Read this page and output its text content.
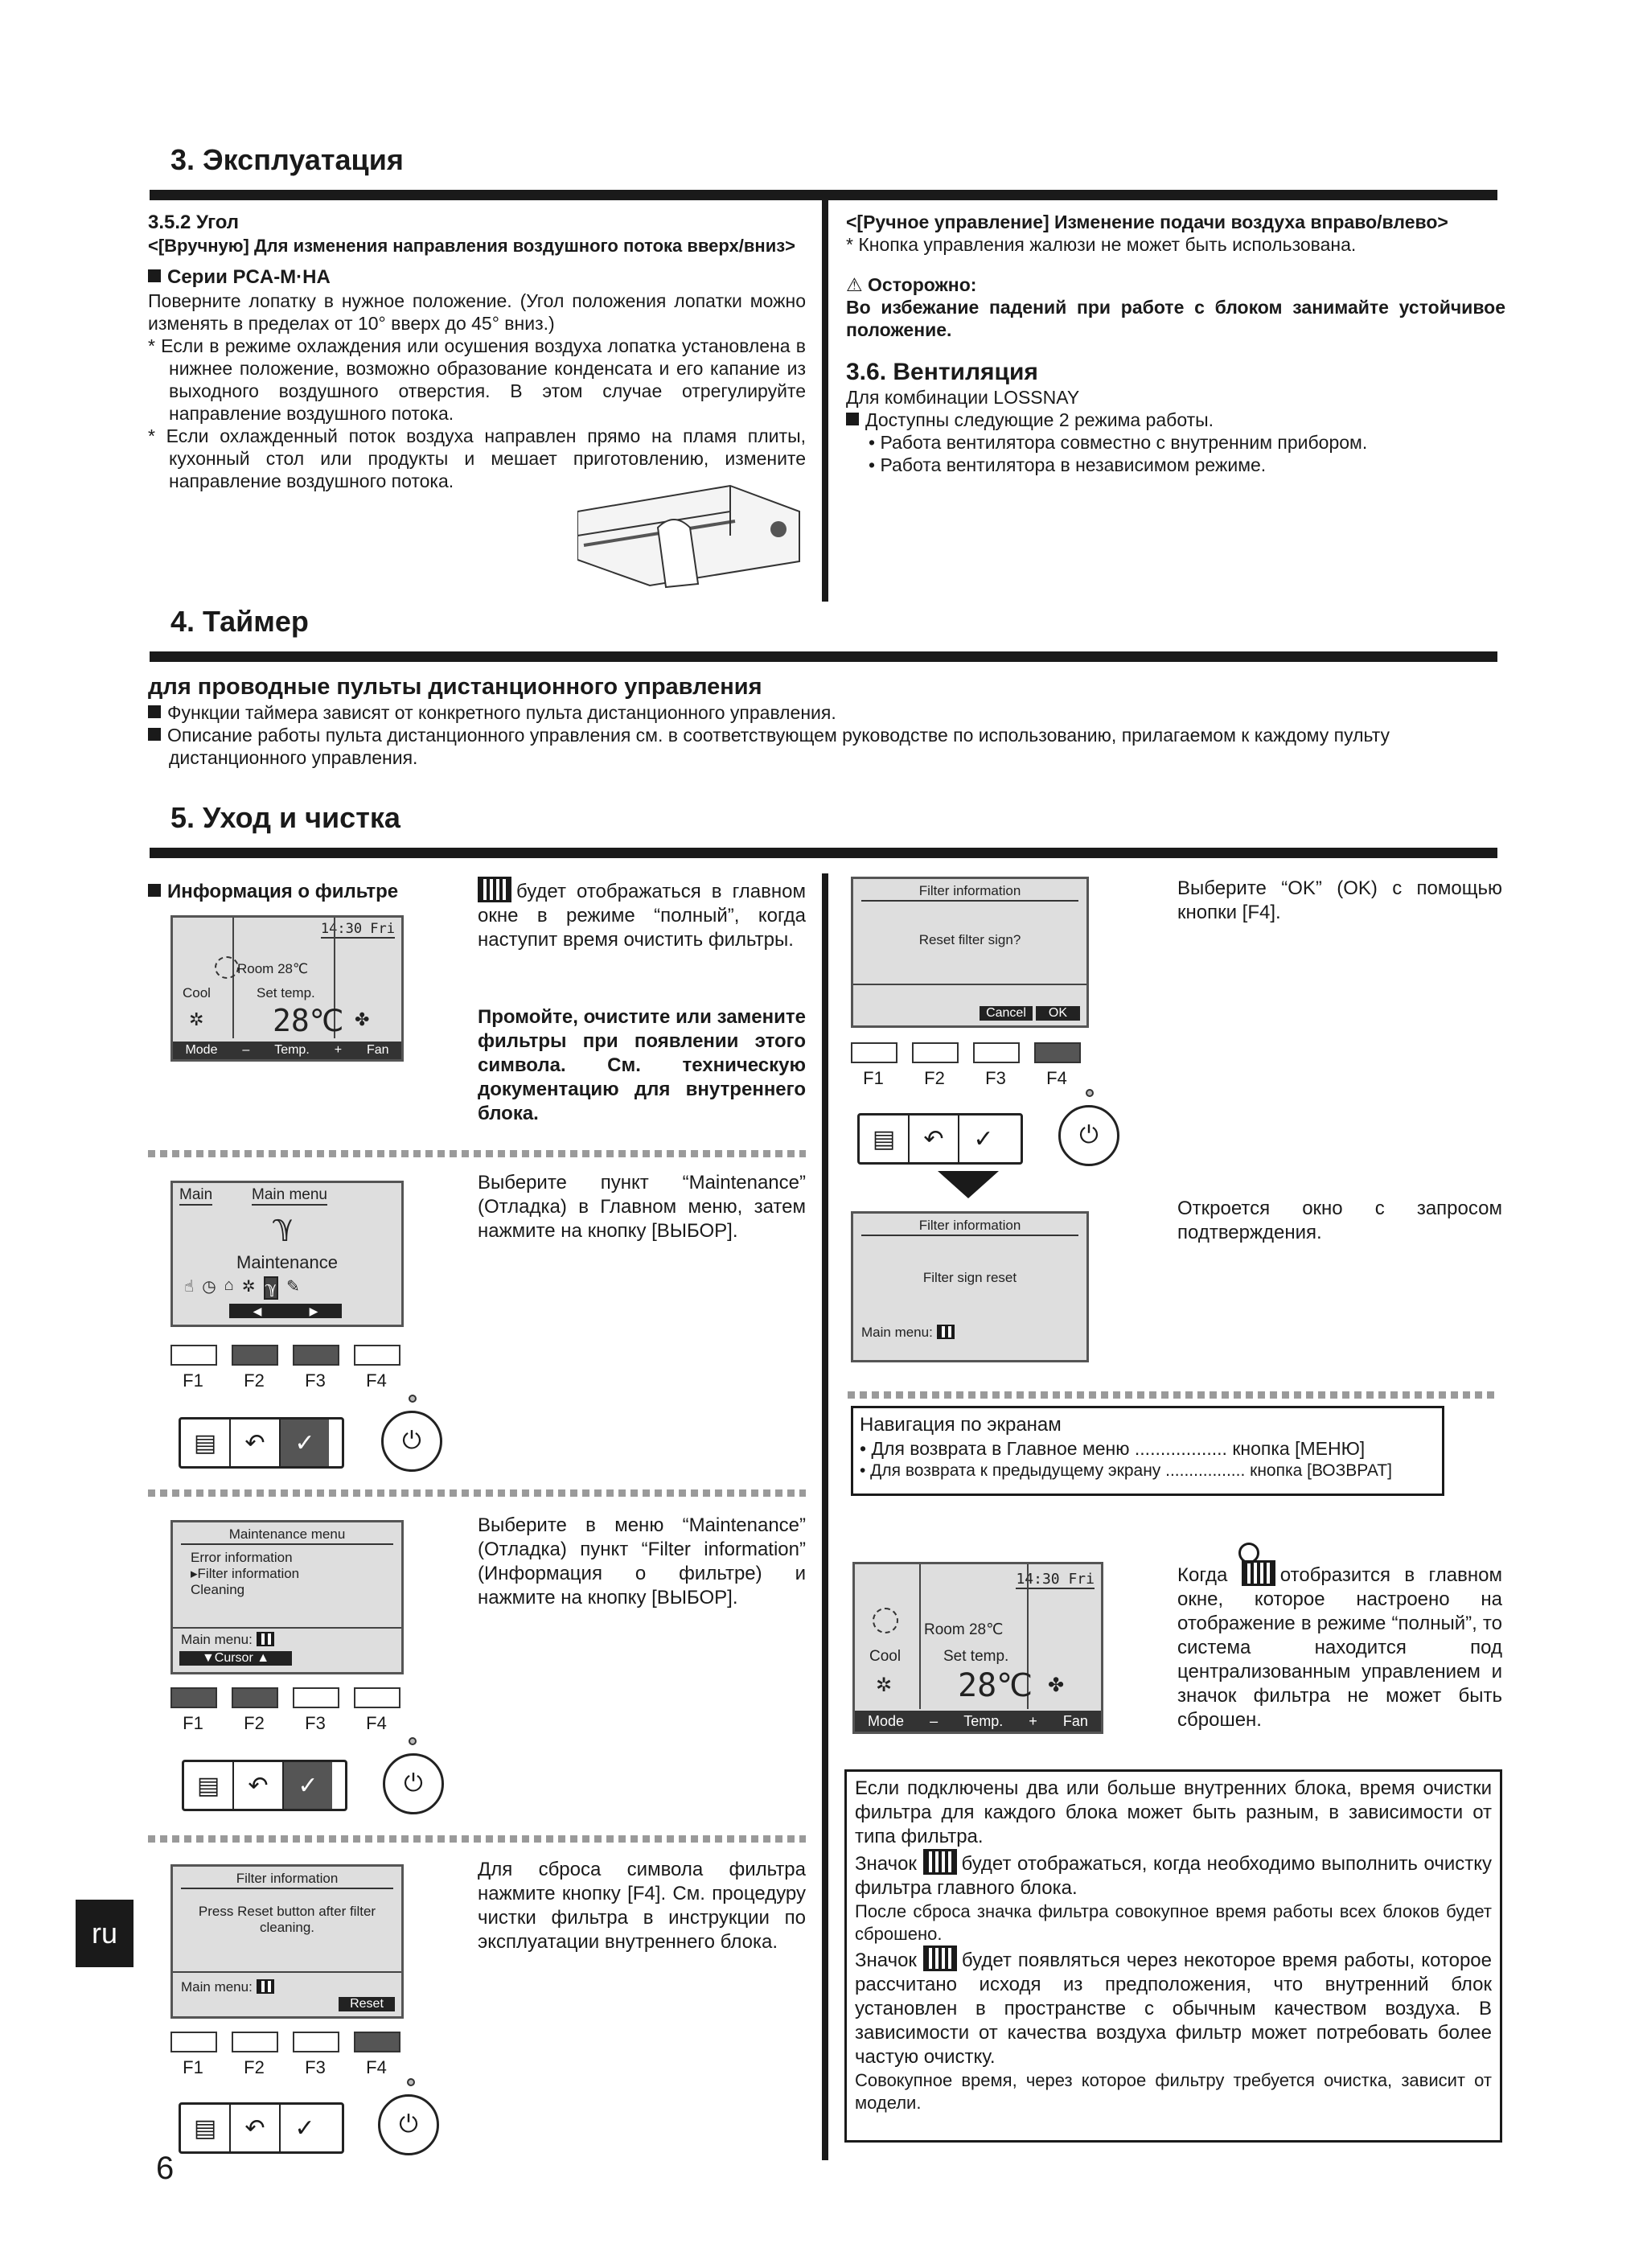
3. Эксплуатация
3.5.2 Угол
<[Вручную] Для изменения направления воздушного потока вверх/вниз>
Серии PCA-M·HA
Поверните лопатку в нужное положение. (Угол положения лопатки можно изменять в пределах от 10° вверх до 45° вниз.)
* Если в режиме охлаждения или осушения воздуха лопатка установлена в нижнее положение, возможно образование конденсата и его капание из выходного воздушного отверстия. В этом случае отрегулируйте направление воздушного потока.
* Если охлажденный поток воздуха направлен прямо на пламя плиты, кухонный стол или продукты и мешает приготовлению, измените направление воздушного потока.
<[Ручное управление] Изменение подачи воздуха вправо/влево>
* Кнопка управления жалюзи не может быть использована.
⚠ Осторожно:
Во избежание падений при работе с блоком занимайте устойчивое положение.
3.6. Вентиляция
Для комбинации LOSSNAY
Доступны следующие 2 режима работы.
• Работа вентилятора совместно с внутренним прибором.
• Работа вентилятора в независимом режиме.
4. Таймер
для проводные пульты дистанционного управления
Функции таймера зависят от конкретного пульта дистанционного управления.
Описание работы пульта дистанционного управления см. в соответствующем руководстве по использованию, прилагаемом к каждому пульту дистанционного управления.
5. Уход и чистка
Информация о фильтре
14:30 Fri
Room 28℃
Cool	Set temp.
✲ 28℃ ✤
Mode – Temp. + Fan
будет отображаться в главном окне в режиме “полный”, когда наступит время очистить фильтры.
Промойте, очистите или замените фильтры при появлении этого символа. См. техническую документацию для внутреннего блока.
Main	Main menu
ℽ
Maintenance
☝ ◷ ⌂ ✲ ℽ ✎
◀	▶
F1	F2	F3	F4
▤	↶	✓	⏻
Выберите пункт “Maintenance” (Отладка) в Главном меню, затем нажмите на кнопку [ВЫБОР].
Maintenance menu
Error information
▸Filter information
Cleaning
Main menu:
▼Cursor ▲
F1	F2	F3	F4
▤	↶	✓	⏻
Выберите в меню “Maintenance” (Отладка) пункт “Filter information” (Информация о фильтре) и нажмите на кнопку [ВЫБОР].
Filter information
Press Reset button after filter cleaning.
Main menu:
Reset
F1	F2	F3	F4
▤	↶	✓	⏻
Для сброса символа фильтра нажмите кнопку [F4]. См. процедуру чистки фильтра в инструкции по эксплуатации внутреннего блока.
Filter information
Reset filter sign?
Cancel	OK
F1	F2	F3	F4
▤	↶	✓	⏻
Выберите “OK” (OK) с помощью кнопки [F4].
Filter information
Filter sign reset
Main menu:
Откроется окно с запросом подтверждения.
Навигация по экранам
• Для возврата в Главное меню .................. кнопка [МЕНЮ]
• Для возврата к предыдущему экрану ................. кнопка [ВОЗВРАТ]
14:30 Fri
Room 28℃
Cool	Set temp.
✲ 28℃ ✤
Mode – Temp. + Fan
Когда	отобразится в главном окне, которое настроено на отображение в режиме “полный”, то система находится под централизованным управлением и значок фильтра не может быть сброшен.
Если подключены два или больше внутренних блока, время очистки фильтра для каждого блока может быть разным, в зависимости от типа фильтра.
Значок будет отображаться, когда необходимо выполнить очистку фильтра главного блока.
После сброса значка фильтра совокупное время работы всех блоков будет сброшено.
Значок будет появляться через некоторое время работы, которое рассчитано исходя из предположения, что внутренний блок установлен в пространстве с обычным качеством воздуха. В зависимости от качества воздуха фильтр может потребовать более частую очистку.
Совокупное время, через которое фильтру требуется очистка, зависит от модели.
ru
6
